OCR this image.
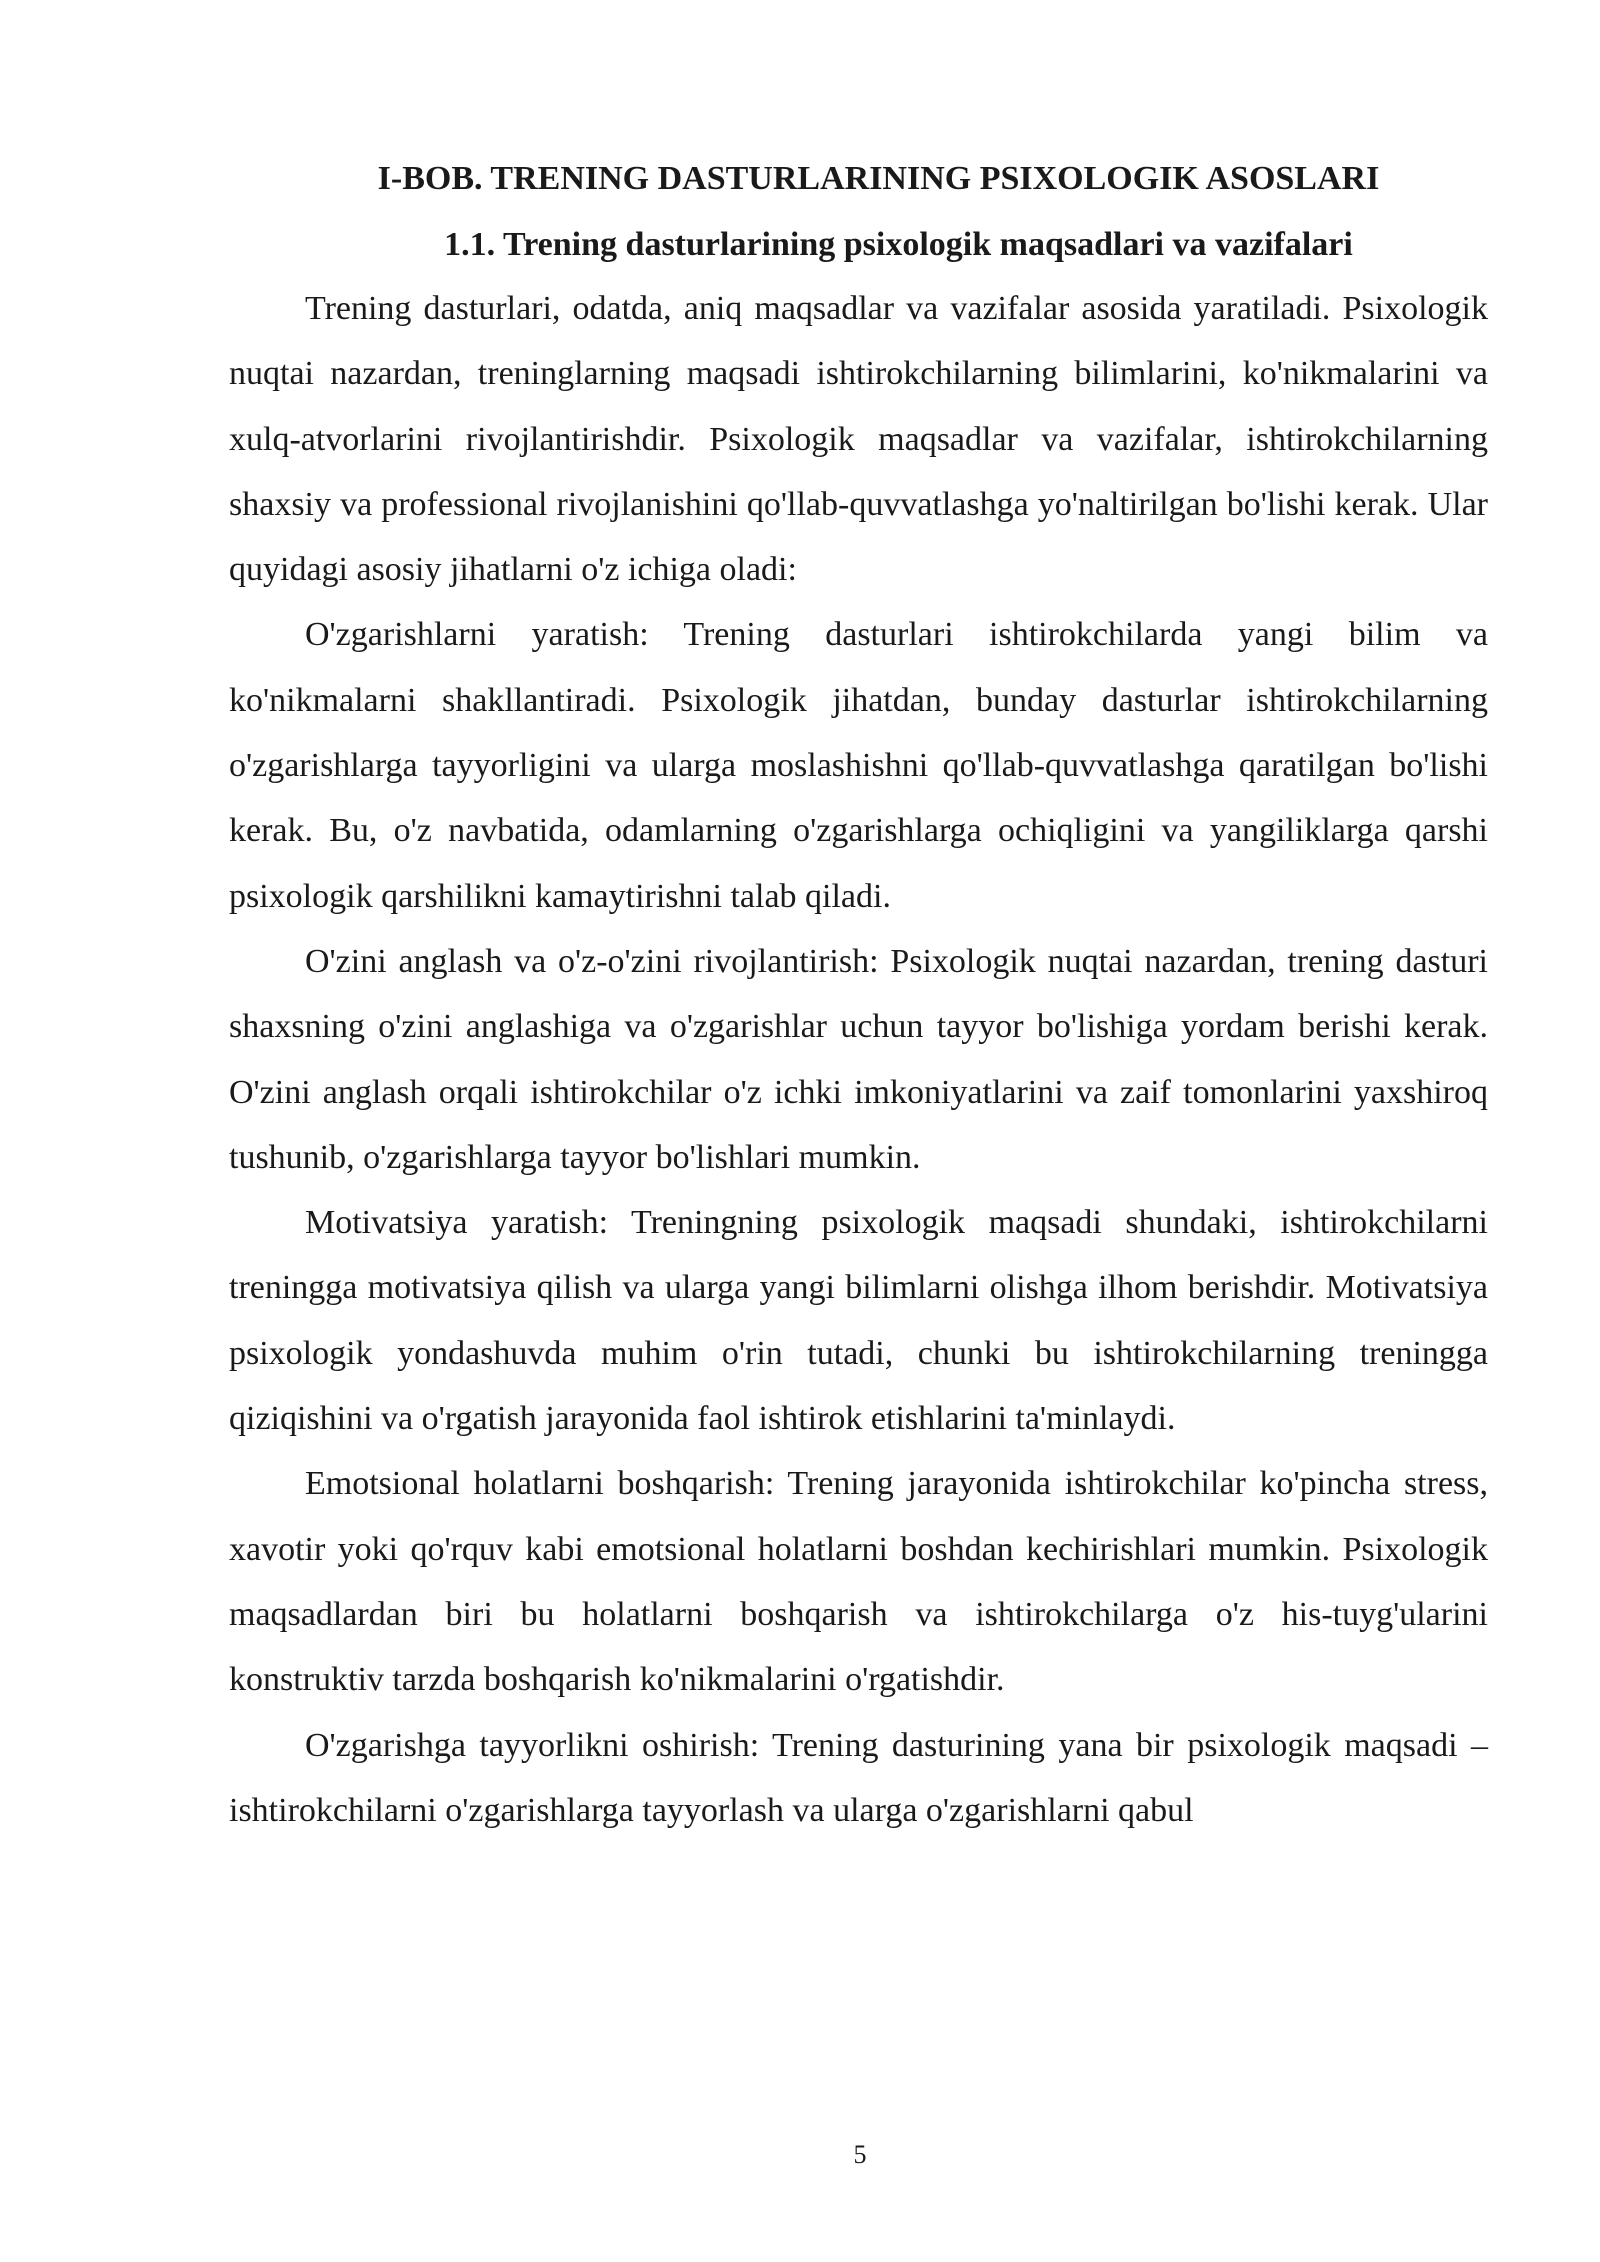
I-BOB. TRENING DASTURLARINING PSIXOLOGIK ASOSLARI
1.1. Trening dasturlarining psixologik maqsadlari va vazifalari

Trening dasturlari, odatda, aniq maqsadlar va vazifalar asosida yaratiladi. Psixologik nuqtai nazardan, treninglarning maqsadi ishtirokchilarning bilimlarini, ko'nikmalarini va xulq-atvorlarini rivojlantirishdir. Psixologik maqsadlar va vazifalar, ishtirokchilarning shaxsiy va professional rivojlanishini qo'llab-quvvatlashga yo'naltirilgan bo'lishi kerak. Ular quyidagi asosiy jihatlarni o'z ichiga oladi:

O'zgarishlarni yaratish: Trening dasturlari ishtirokchilarda yangi bilim va ko'nikmalarni shakllantiradi. Psixologik jihatdan, bunday dasturlar ishtirokchilarning o'zgarishlarga tayyorligini va ularga moslashishni qo'llab-quvvatlashga qaratilgan bo'lishi kerak. Bu, o'z navbatida, odamlarning o'zgarishlarga ochiqligini va yangiliklarga qarshi psixologik qarshilikni kamaytirishni talab qiladi.

O'zini anglash va o'z-o'zini rivojlantirish: Psixologik nuqtai nazardan, trening dasturi shaxsning o'zini anglashiga va o'zgarishlar uchun tayyor bo'lishiga yordam berishi kerak. O'zini anglash orqali ishtirokchilar o'z ichki imkoniyatlarini va zaif tomonlarini yaxshiroq tushunib, o'zgarishlarga tayyor bo'lishlari mumkin.

Motivatsiya yaratish: Treningning psixologik maqsadi shundaki, ishtirokchilarni treningga motivatsiya qilish va ularga yangi bilimlarni olishga ilhom berishdir. Motivatsiya psixologik yondashuvda muhim o'rin tutadi, chunki bu ishtirokchilarning treningga qiziqishini va o'rgatish jarayonida faol ishtirok etishlarini ta'minlaydi.

Emotsional holatlarni boshqarish: Trening jarayonida ishtirokchilar ko'pincha stress, xavotir yoki qo'rquv kabi emotsional holatlarni boshdan kechirishlari mumkin. Psixologik maqsadlardan biri bu holatlarni boshqarish va ishtirokchilarga o'z his-tuyg'ularini konstruktiv tarzda boshqarish ko'nikmalarini o'rgatishdir.

O'zgarishga tayyorlikni oshirish: Trening dasturining yana bir psixologik maqsadi – ishtirokchilarni o'zgarishlarga tayyorlash va ularga o'zgarishlarni qabul

5
